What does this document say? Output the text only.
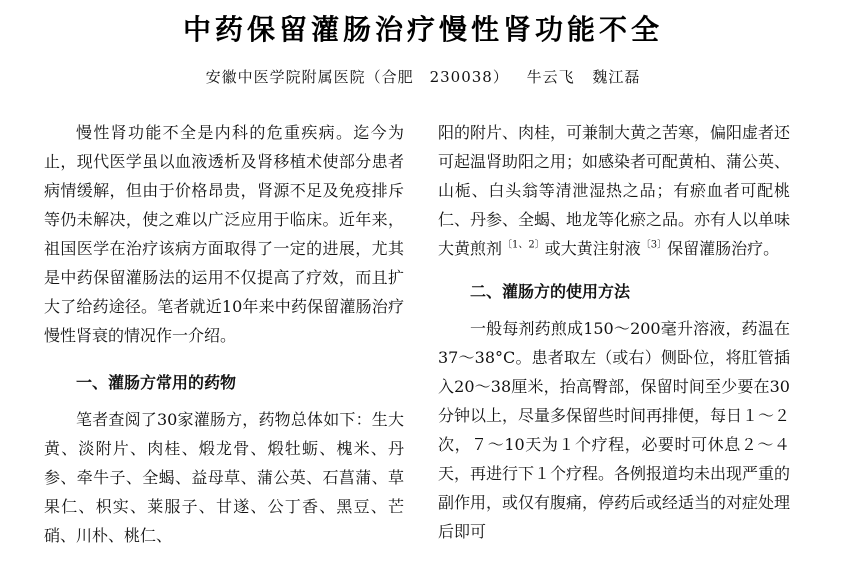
中药保留灌肠治疗慢性肾功能不全
安徽中医学院附属医院（合肥　230038） 牛云飞 魏江磊

慢性肾功能不全是内科的危重疾病。迄今为止，现代医学虽以血液透析及肾移植术使部分患者病情缓解，但由于价格昂贵，肾源不足及免疫排斥等仍未解决，使之难以广泛应用于临床。近年来，祖国医学在治疗该病方面取得了一定的进展，尤其是中药保留灌肠法的运用不仅提高了疗效，而且扩大了给药途径。笔者就近10年来中药保留灌肠治疗慢性肾衰的情况作一介绍。

一、灌肠方常用的药物

笔者查阅了30家灌肠方，药物总体如下：生大黄、淡附片、肉桂、煅龙骨、煅牡蛎、槐米、丹参、牵牛子、全蝎、益母草、蒲公英、石菖蒲、草果仁、枳实、莱服子、甘遂、公丁香、黑豆、芒硝、川朴、桃仁、

阳的附片、肉桂，可兼制大黄之苦寒，偏阳虚者还可起温肾助阳之用；如感染者可配黄柏、蒲公英、山栀、白头翁等清泄湿热之品；有瘀血者可配桃仁、丹参、全蝎、地龙等化瘀之品。亦有人以单味大黄煎剂$^{〔1、2〕}$或大黄注射液$^{〔3〕}$保留灌肠治疗。

二、灌肠方的使用方法

一般每剂药煎成150～200毫升溶液，药温在37～38°C。患者取左（或右）侧卧位，将肛管插入20～38厘米，抬高臀部，保留时间至少要在30分钟以上，尽量多保留些时间再排便，每日１～２次，７～10天为１个疗程，必要时可休息２～４天，再进行下１个疗程。各例报道均未出现严重的副作用，或仅有腹痛，停药后或经适当的对症处理后即可
